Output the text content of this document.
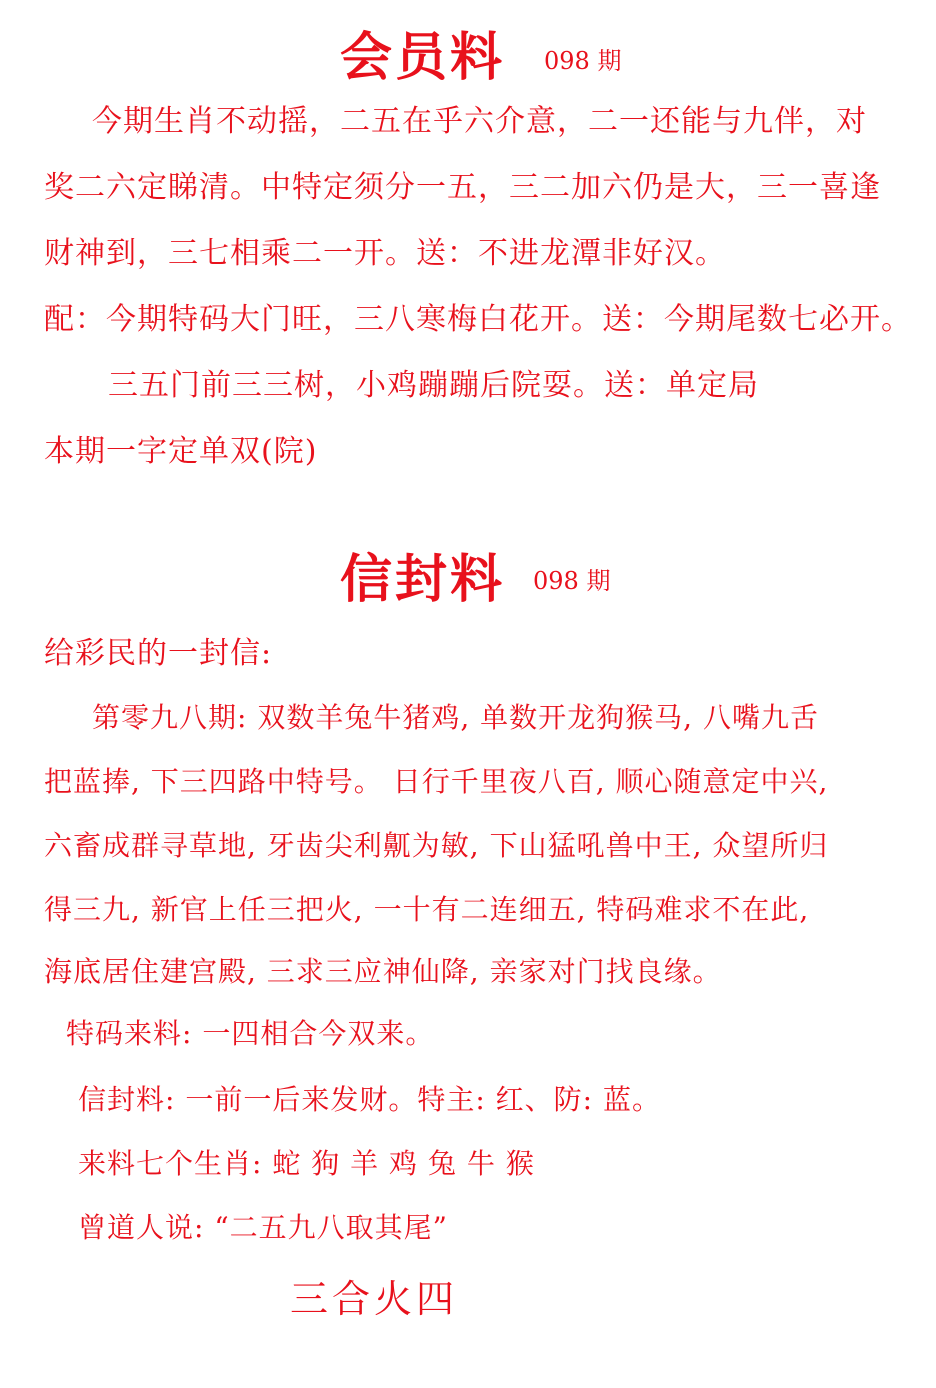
会员料 098 期
今期生肖不动摇，二五在乎六介意，二一还能与九伴，对
奖二六定睇清。中特定须分一五，三二加六仍是大，三一喜逢
财神到，三七相乘二一开。送：不进龙潭非好汉。
配：今期特码大门旺，三八寒梅白花开。送：今期尾数七必开。
三五门前三三树，小鸡蹦蹦后院耍。送：单定局
本期一字定单双(院)
信封料 098 期
给彩民的一封信:
第零九八期: 双数羊兔牛猪鸡, 单数开龙狗猴马, 八嘴九舌
把蓝捧, 下三四路中特号。 日行千里夜八百, 顺心随意定中兴,
六畜成群寻草地, 牙齿尖利鼿为敏, 下山猛吼兽中王, 众望所归
得三九, 新官上任三把火, 一十有二连细五, 特码难求不在此,
海底居住建宫殿, 三求三应神仙降, 亲家对门找良缘。
特码来料: 一四相合今双来。
信封料: 一前一后来发财。特主: 红、防: 蓝。
来料七个生肖: 蛇 狗 羊 鸡 兔 牛 猴
曾道人说: “二五九八取其尾”
三合火四
